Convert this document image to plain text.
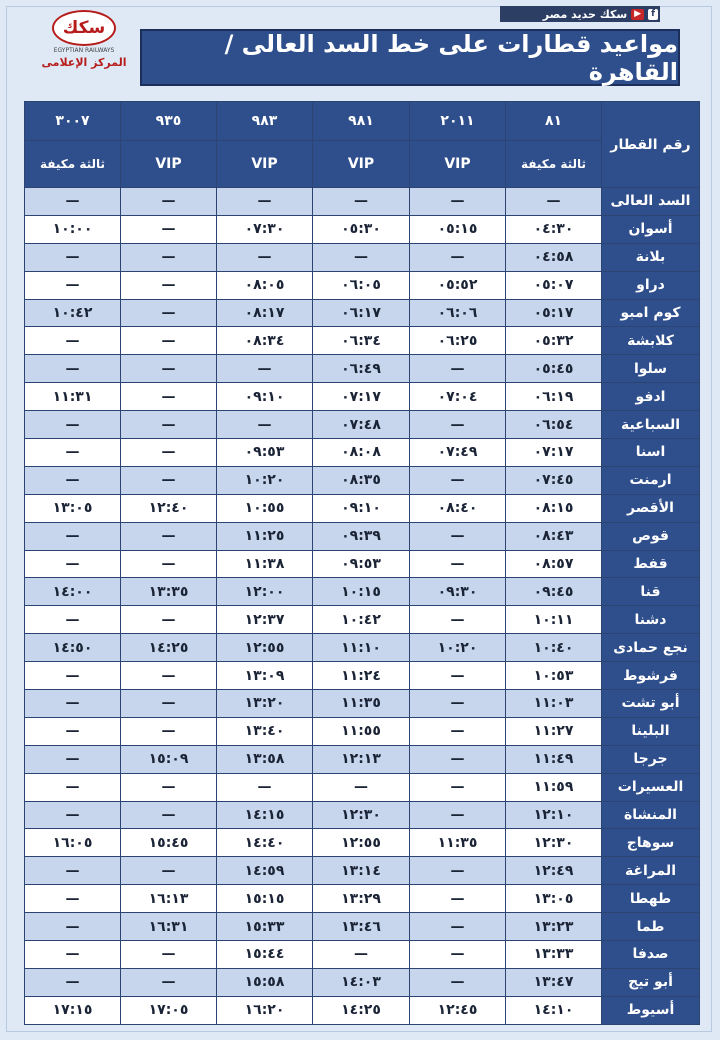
سكك حديد مصر ▶	f
سكك
EGYPTIAN RAILWAYS
المركز الإعلامى
مواعيد قطارات على خط السد العالى / القاهرة
رقم القطار	٨١	٢٠١١	٩٨١	٩٨٣	٩٣٥	٣٠٠٧
	ثالثة مكيفة	VIP	VIP	VIP	VIP	ثالثة مكيفة
السد العالى	—	—	—	—	—	—
أسوان	٠٤:٣٠	٠٥:١٥	٠٥:٣٠	٠٧:٣٠	—	١٠:٠٠
بلانة	٠٤:٥٨	—	—	—	—	—
دراو	٠٥:٠٧	٠٥:٥٢	٠٦:٠٥	٠٨:٠٥	—	—
كوم امبو	٠٥:١٧	٠٦:٠٦	٠٦:١٧	٠٨:١٧	—	١٠:٤٢
كلابشة	٠٥:٣٢	٠٦:٢٥	٠٦:٣٤	٠٨:٣٤	—	—
سلوا	٠٥:٤٥	—	٠٦:٤٩	—	—	—
ادفو	٠٦:١٩	٠٧:٠٤	٠٧:١٧	٠٩:١٠	—	١١:٣١
السباعية	٠٦:٥٤	—	٠٧:٤٨	—	—	—
اسنا	٠٧:١٧	٠٧:٤٩	٠٨:٠٨	٠٩:٥٣	—	—
ارمنت	٠٧:٤٥	—	٠٨:٣٥	١٠:٢٠	—	—
الأقصر	٠٨:١٥	٠٨:٤٠	٠٩:١٠	١٠:٥٥	١٢:٤٠	١٣:٠٥
قوص	٠٨:٤٣	—	٠٩:٣٩	١١:٢٥	—	—
قفط	٠٨:٥٧	—	٠٩:٥٣	١١:٣٨	—	—
قنا	٠٩:٤٥	٠٩:٣٠	١٠:١٥	١٢:٠٠	١٣:٣٥	١٤:٠٠
دشنا	١٠:١١	—	١٠:٤٢	١٢:٣٧	—	—
نجع حمادى	١٠:٤٠	١٠:٢٠	١١:١٠	١٢:٥٥	١٤:٢٥	١٤:٥٠
فرشوط	١٠:٥٣	—	١١:٢٤	١٣:٠٩	—	—
أبو تشت	١١:٠٣	—	١١:٣٥	١٣:٢٠	—	—
البلينا	١١:٢٧	—	١١:٥٥	١٣:٤٠	—	—
جرجا	١١:٤٩	—	١٢:١٣	١٣:٥٨	١٥:٠٩	—
العسيرات	١١:٥٩	—	—	—	—	—
المنشاة	١٢:١٠	—	١٢:٣٠	١٤:١٥	—	—
سوهاج	١٢:٣٠	١١:٣٥	١٢:٥٥	١٤:٤٠	١٥:٤٥	١٦:٠٥
المراغة	١٢:٤٩	—	١٣:١٤	١٤:٥٩	—	—
طهطا	١٣:٠٥	—	١٣:٢٩	١٥:١٥	١٦:١٣	—
طما	١٣:٢٣	—	١٣:٤٦	١٥:٣٣	١٦:٣١	—
صدفا	١٣:٣٣	—	—	١٥:٤٤	—	—
أبو تيج	١٣:٤٧	—	١٤:٠٣	١٥:٥٨	—	—
أسيوط	١٤:١٠	١٢:٤٥	١٤:٢٥	١٦:٢٠	١٧:٠٥	١٧:١٥
